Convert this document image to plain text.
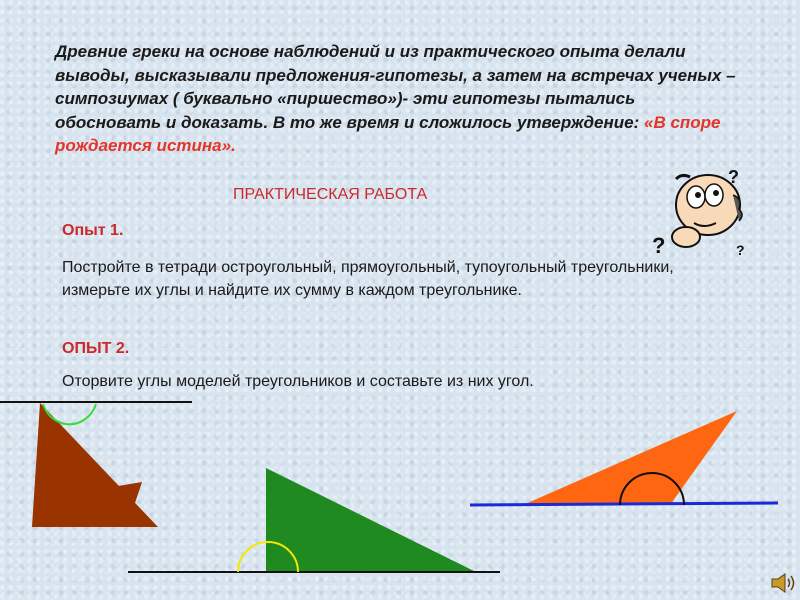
Древние греки на основе наблюдений и из практического опыта делали выводы, высказывали предложения-гипотезы, а затем на встречах ученых – симпозиумах ( буквально «пиршество»)- эти гипотезы пытались обосновать и доказать. В то же время и сложилось утверждение: «В споре рождается истина».
ПРАКТИЧЕСКАЯ РАБОТА
Опыт 1.
Постройте в тетради остроугольный, прямоугольный, тупоугольный треугольники, измерьте их углы и найдите их сумму в каждом треугольнике.
ОПЫТ 2.
Оторвите углы моделей треугольников и составьте из них угол.
?
?
?
